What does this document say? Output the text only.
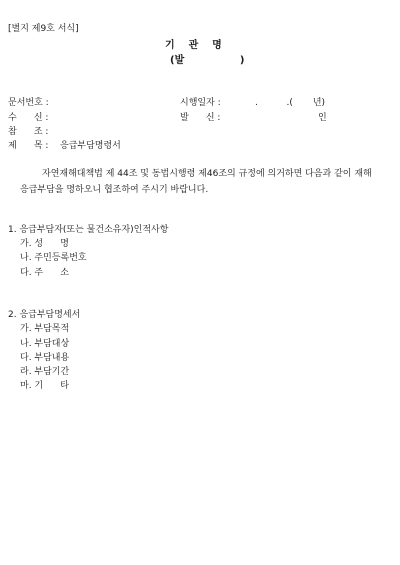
[별지 제9호 서식]
기    관    명
(발                )
문서번호 :	시행일자 :	.          .(       년)
수      신 :	발      신 :	인
참      조 :
제      목 : 응급부담명령서
자연재해대책법 제 44조 및 동법시행령 제46조의 규정에 의거하면 다음과 같이 재해응급부담을 명하오니 협조하여 주시기 바랍니다.
1. 응급부담자(또는 물건소유자)인적사항
가. 성      명
나. 주민등록번호
다. 주      소
2. 응급부담명세서
가. 부담목적
나. 부담대상
다. 부담내용
라. 부담기간
마. 기      타
